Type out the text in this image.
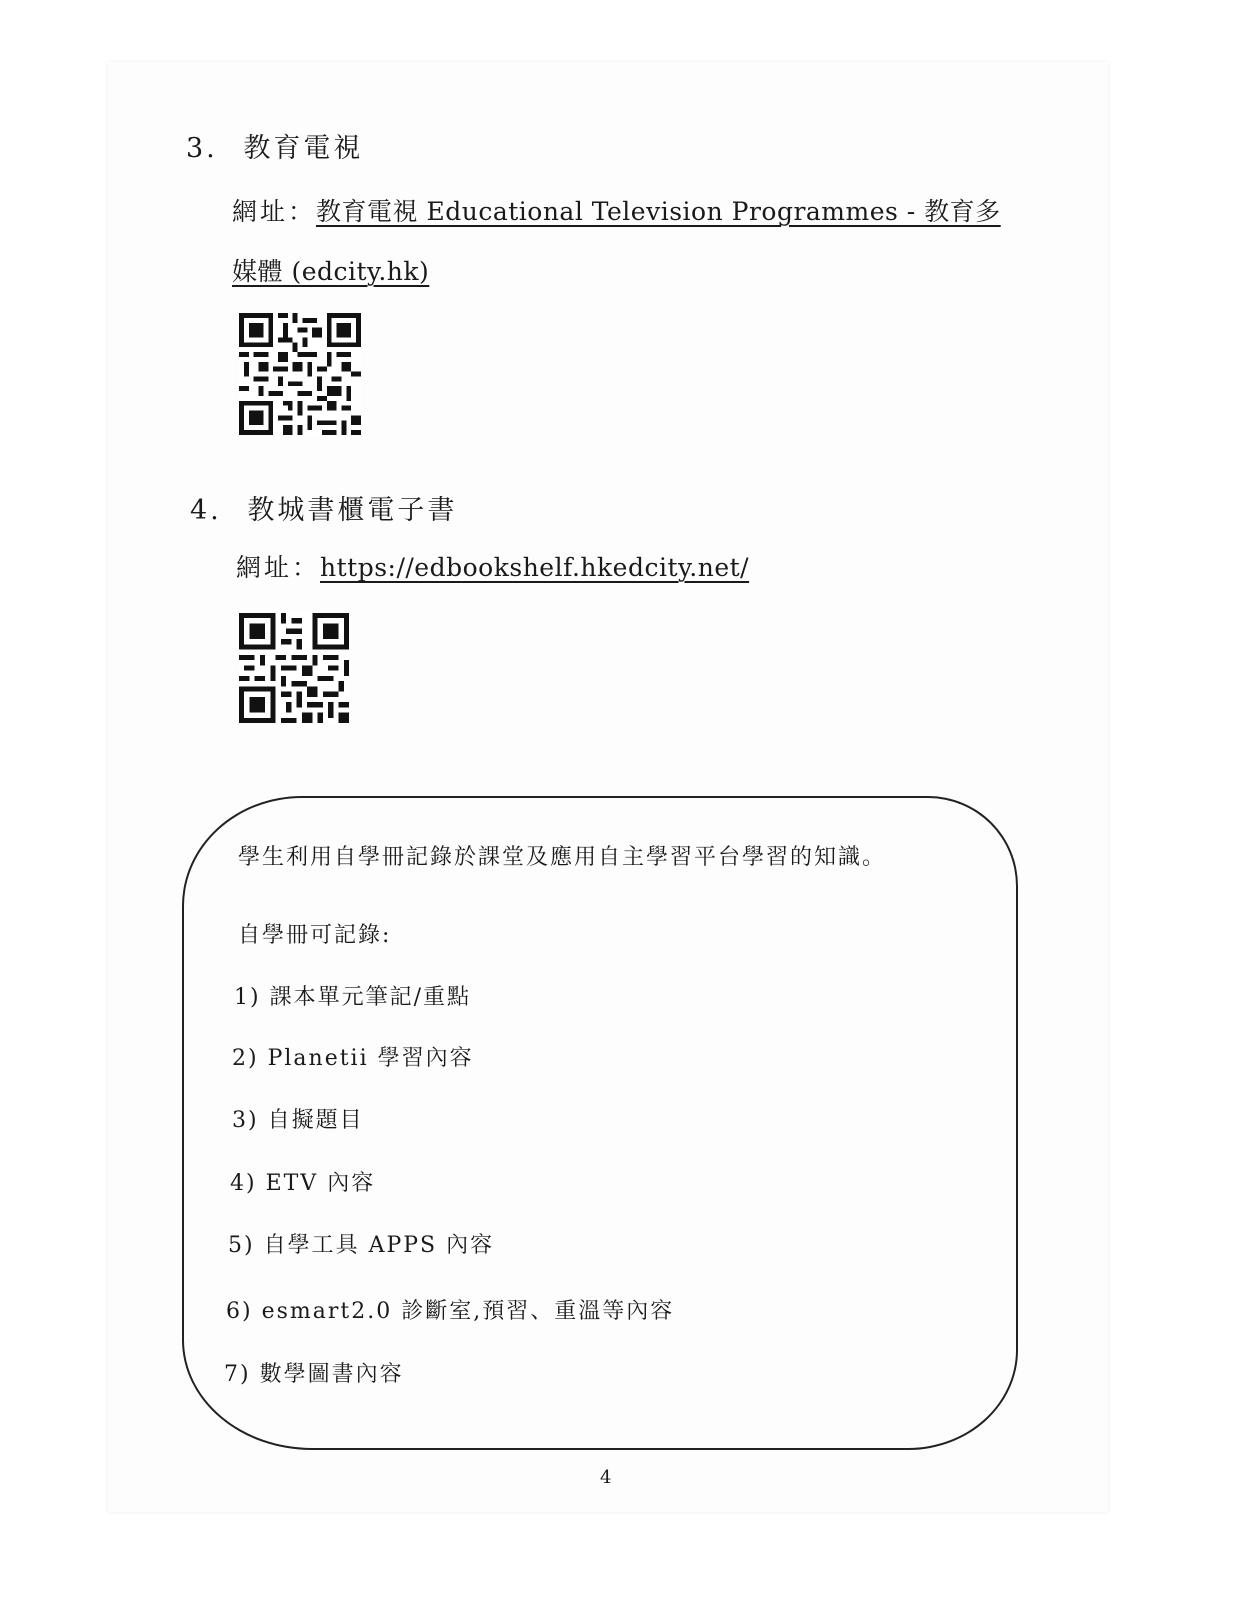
3. 教育電視
網址：教育電視 Educational Television Programmes - 教育多
媒體 (edcity.hk)
4. 教城書櫃電子書
網址：https://edbookshelf.hkedcity.net/
學生利用自學冊記錄於課堂及應用自主學習平台學習的知識。
自學冊可記錄:
1) 課本單元筆記/重點
2) Planetii 學習內容
3) 自擬題目
4) ETV 內容
5) 自學工具 APPS 內容
6) esmart2.0 診斷室,預習、重溫等內容
7) 數學圖書內容
4
